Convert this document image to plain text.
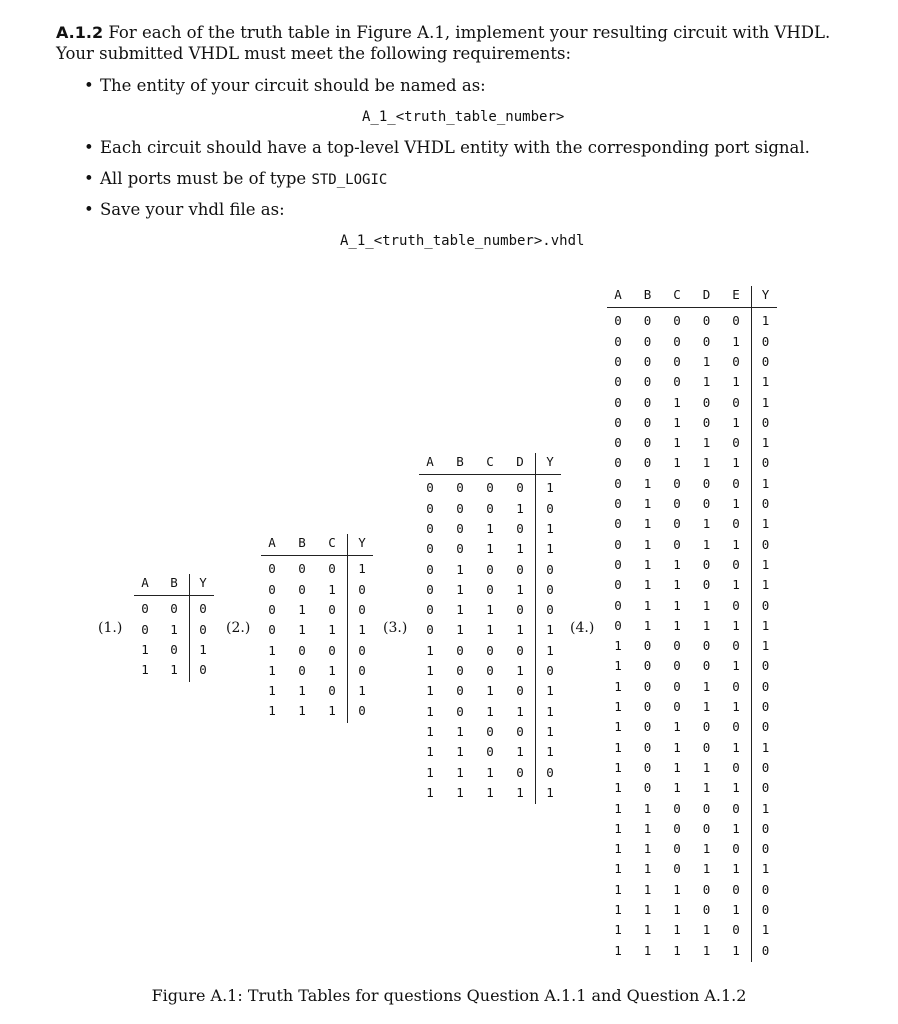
A.1.2 For each of the truth table in Figure A.1, implement your resulting circuit with VHDL. Your submitted VHDL must meet the following requirements:
• The entity of your circuit should be named as:
A_1_<truth_table_number>
• Each circuit should have a top-level VHDL entity with the corresponding port signal.
• All ports must be of type STD_LOGIC
• Save your vhdl file as:
A_1_<truth_table_number>.vhdl
A B Y
0 0 0
0 1 0
1 0 1
1 1 0
(1.)
A B C Y
0 0 0 1
0 0 1 0
0 1 0 0
0 1 1 1
1 0 0 0
1 0 1 0
1 1 0 1
1 1 1 0
(2.)
A B C D Y
0 0 0 0 1
0 0 0 1 0
0 0 1 0 1
0 0 1 1 1
0 1 0 0 0
0 1 0 1 0
0 1 1 0 0
0 1 1 1 1
1 0 0 0 1
1 0 0 1 0
1 0 1 0 1
1 0 1 1 1
1 1 0 0 1
1 1 0 1 1
1 1 1 0 0
1 1 1 1 1
(3.)
A B C D E Y
0 0 0 0 0 1
0 0 0 0 1 0
0 0 0 1 0 0
0 0 0 1 1 1
0 0 1 0 0 1
0 0 1 0 1 0
0 0 1 1 0 1
0 0 1 1 1 0
0 1 0 0 0 1
0 1 0 0 1 0
0 1 0 1 0 1
0 1 0 1 1 0
0 1 1 0 0 1
0 1 1 0 1 1
0 1 1 1 0 0
0 1 1 1 1 1
1 0 0 0 0 1
1 0 0 0 1 0
1 0 0 1 0 0
1 0 0 1 1 0
1 0 1 0 0 0
1 0 1 0 1 1
1 0 1 1 0 0
1 0 1 1 1 0
1 1 0 0 0 1
1 1 0 0 1 0
1 1 0 1 0 0
1 1 0 1 1 1
1 1 1 0 0 0
1 1 1 0 1 0
1 1 1 1 0 1
1 1 1 1 1 0
(4.)
Figure A.1: Truth Tables for questions Question A.1.1 and Question A.1.2
